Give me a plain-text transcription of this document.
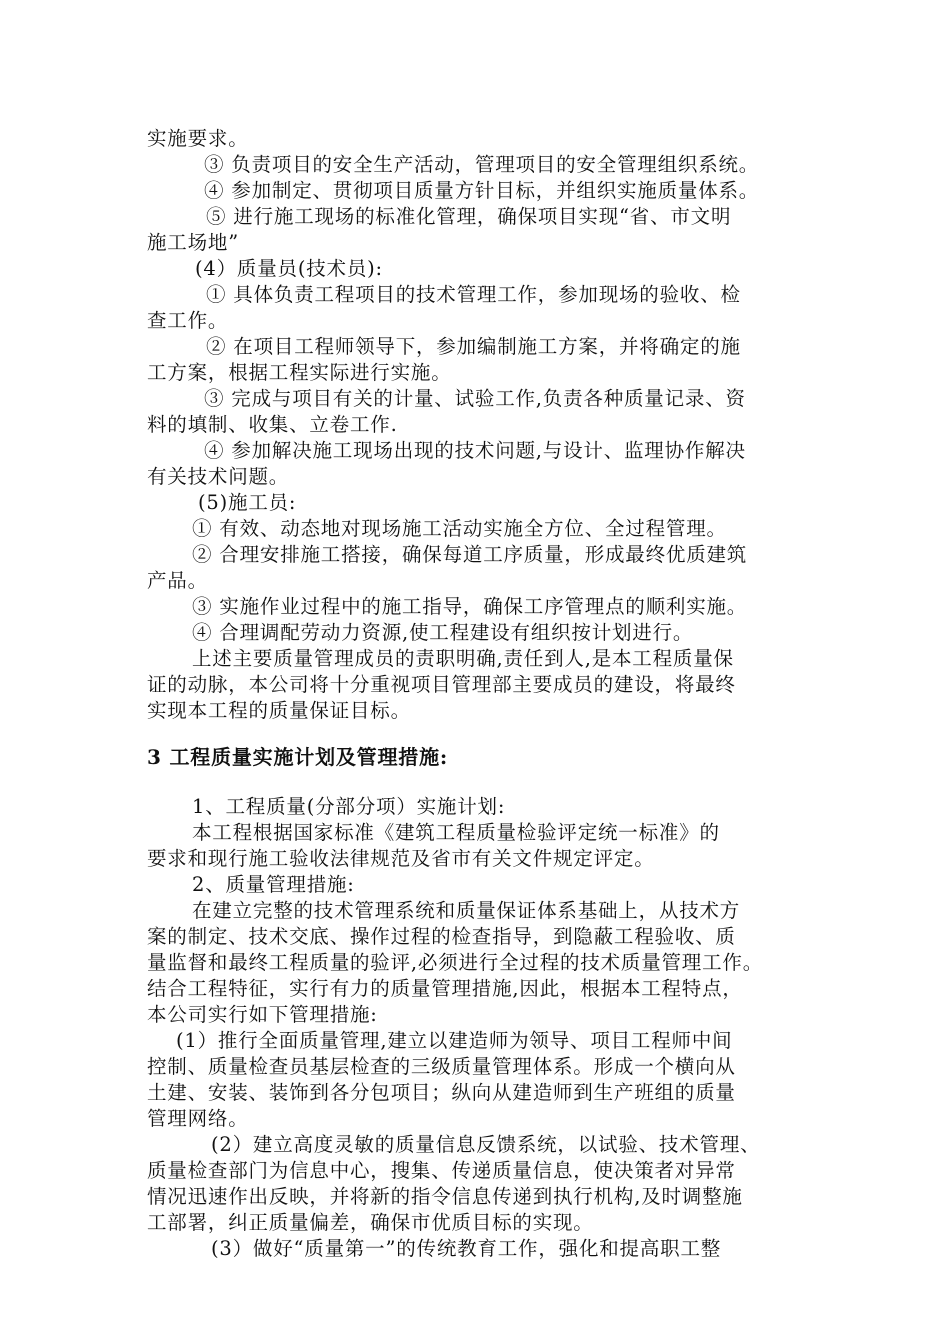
实施要求。
③ 负责项目的安全生产活动，管理项目的安全管理组织系统。
④ 参加制定、贯彻项目质量方针目标，并组织实施质量体系。
⑤ 进行施工现场的标准化管理，确保项目实现“省、市文明
施工场地”
(4）质量员(技术员):
① 具体负责工程项目的技术管理工作，参加现场的验收、检
查工作。
② 在项目工程师领导下，参加编制施工方案，并将确定的施
工方案，根据工程实际进行实施。
③ 完成与项目有关的计量、试验工作,负责各种质量记录、资
料的填制、收集、立卷工作.
④ 参加解决施工现场出现的技术问题,与设计、监理协作解决
有关技术问题。
(5)施工员:
① 有效、动态地对现场施工活动实施全方位、全过程管理。
② 合理安排施工搭接，确保每道工序质量，形成最终优质建筑
产品。
③ 实施作业过程中的施工指导，确保工序管理点的顺利实施。
④ 合理调配劳动力资源,使工程建设有组织按计划进行。
上述主要质量管理成员的责职明确,责任到人,是本工程质量保
证的动脉，本公司将十分重视项目管理部主要成员的建设，将最终
实现本工程的质量保证目标。
3 工程质量实施计划及管理措施:
1、工程质量(分部分项）实施计划:
本工程根据国家标准《建筑工程质量检验评定统一标准》的
要求和现行施工验收法律规范及省市有关文件规定评定。
2、质量管理措施:
在建立完整的技术管理系统和质量保证体系基础上，从技术方
案的制定、技术交底、操作过程的检查指导，到隐蔽工程验收、质
量监督和最终工程质量的验评,必须进行全过程的技术质量管理工作。
结合工程特征，实行有力的质量管理措施,因此，根据本工程特点，
本公司实行如下管理措施:
(1）推行全面质量管理,建立以建造师为领导、项目工程师中间
控制、质量检查员基层检查的三级质量管理体系。形成一个横向从
土建、安装、装饰到各分包项目；纵向从建造师到生产班组的质量
管理网络。
(2）建立高度灵敏的质量信息反馈系统，以试验、技术管理、
质量检查部门为信息中心，搜集、传递质量信息，使决策者对异常
情况迅速作出反映，并将新的指令信息传递到执行机构,及时调整施
工部署，纠正质量偏差，确保市优质目标的实现。
(3）做好“质量第一”的传统教育工作，强化和提高职工整
